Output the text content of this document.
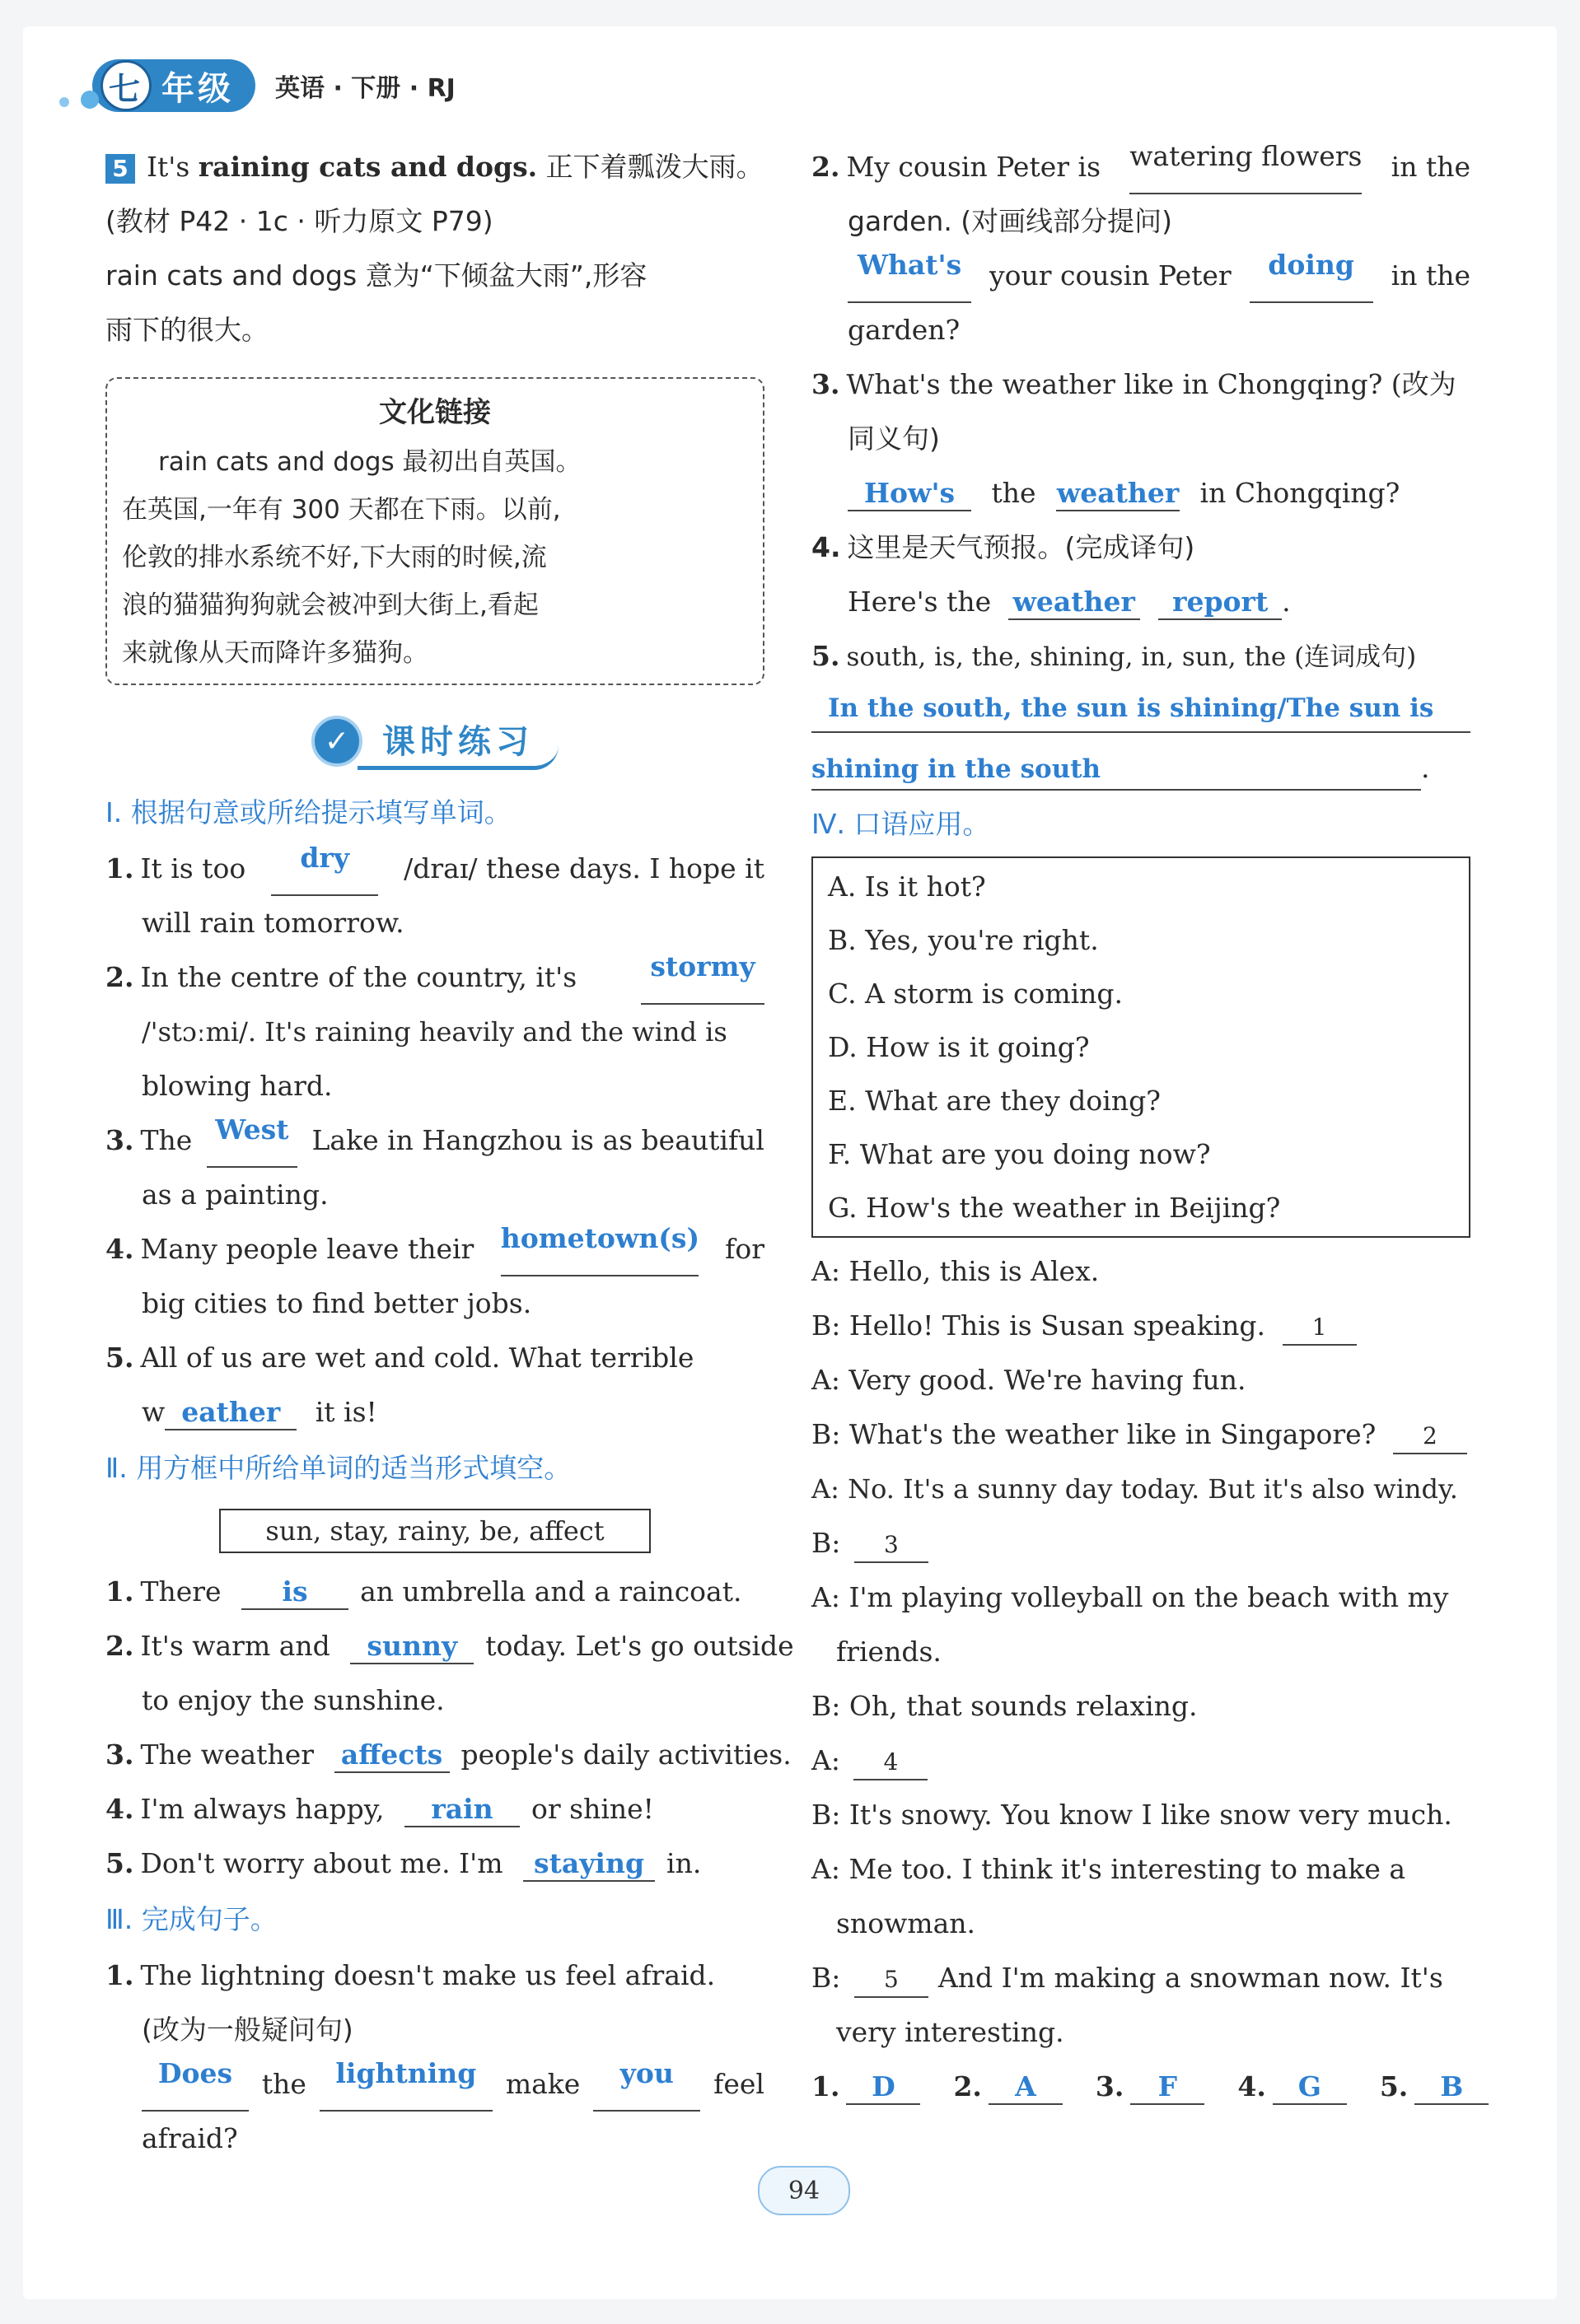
七 年级 英语 · 下册 · RJ
5 It's raining cats and dogs. 正下着瓢泼大雨。
(教材 P42 · 1c · 听力原文 P79)
rain cats and dogs 意为“下倾盆大雨”,形容
雨下的很大。
文化链接
rain cats and dogs 最初出自英国。
在英国,一年有 300 天都在下雨。以前,
伦敦的排水系统不好,下大雨的时候,流
浪的猫猫狗狗就会被冲到大街上,看起
来就像从天而降许多猫狗。
✓ 课时练习
Ⅰ. 根据句意或所给提示填写单词。
1. It is too	dry	/draɪ/ these days. I hope it
will rain tomorrow.
2. In the centre of the country, it's	stormy
/'stɔːmi/. It's raining heavily and the wind is
blowing hard.
3. The West Lake in Hangzhou is as beautiful
as a painting.
4. Many people leave their hometown(s) for
big cities to find better jobs.
5. All of us are wet and cold. What terrible
w eather it is!
Ⅱ. 用方框中所给单词的适当形式填空。
sun, stay, rainy, be, affect
1. There is an umbrella and a raincoat.
2. It's warm and sunny today. Let's go outside
to enjoy the sunshine.
3. The weather affects people's daily activities.
4. I'm always happy, rain or shine!
5. Don't worry about me. I'm staying in.
Ⅲ. 完成句子。
1. The lightning doesn't make us feel afraid.
(改为一般疑问句)
Does	the	lightning	make	you	feel
afraid?
2. My cousin Peter is watering flowers in the
garden. (对画线部分提问)
What's	your cousin Peter	doing	in the
garden?
3. What's the weather like in Chongqing? (改为
同义句)
How's the weather in Chongqing?
4. 这里是天气预报。(完成译句)
Here's the weather report .
5. south, is, the, shining, in, sun, the (连词成句)
In the south, the sun is shining/The sun is
shining in the south	.
Ⅳ. 口语应用。
A. Is it hot?
B. Yes, you're right.
C. A storm is coming.
D. How is it going?
E. What are they doing?
F. What are you doing now?
G. How's the weather in Beijing?
A: Hello, this is Alex.
B: Hello! This is Susan speaking. 1
A: Very good. We're having fun.
B: What's the weather like in Singapore? 2
A: No. It's a sunny day today. But it's also windy.
B: 3
A: I'm playing volleyball on the beach with my
friends.
B: Oh, that sounds relaxing.
A: 4
B: It's snowy. You know I like snow very much.
A: Me too. I think it's interesting to make a
snowman.
B: 5 And I'm making a snowman now. It's
very interesting.
1.	D	2.	A	3.	F	4.	G	5.	B
94
